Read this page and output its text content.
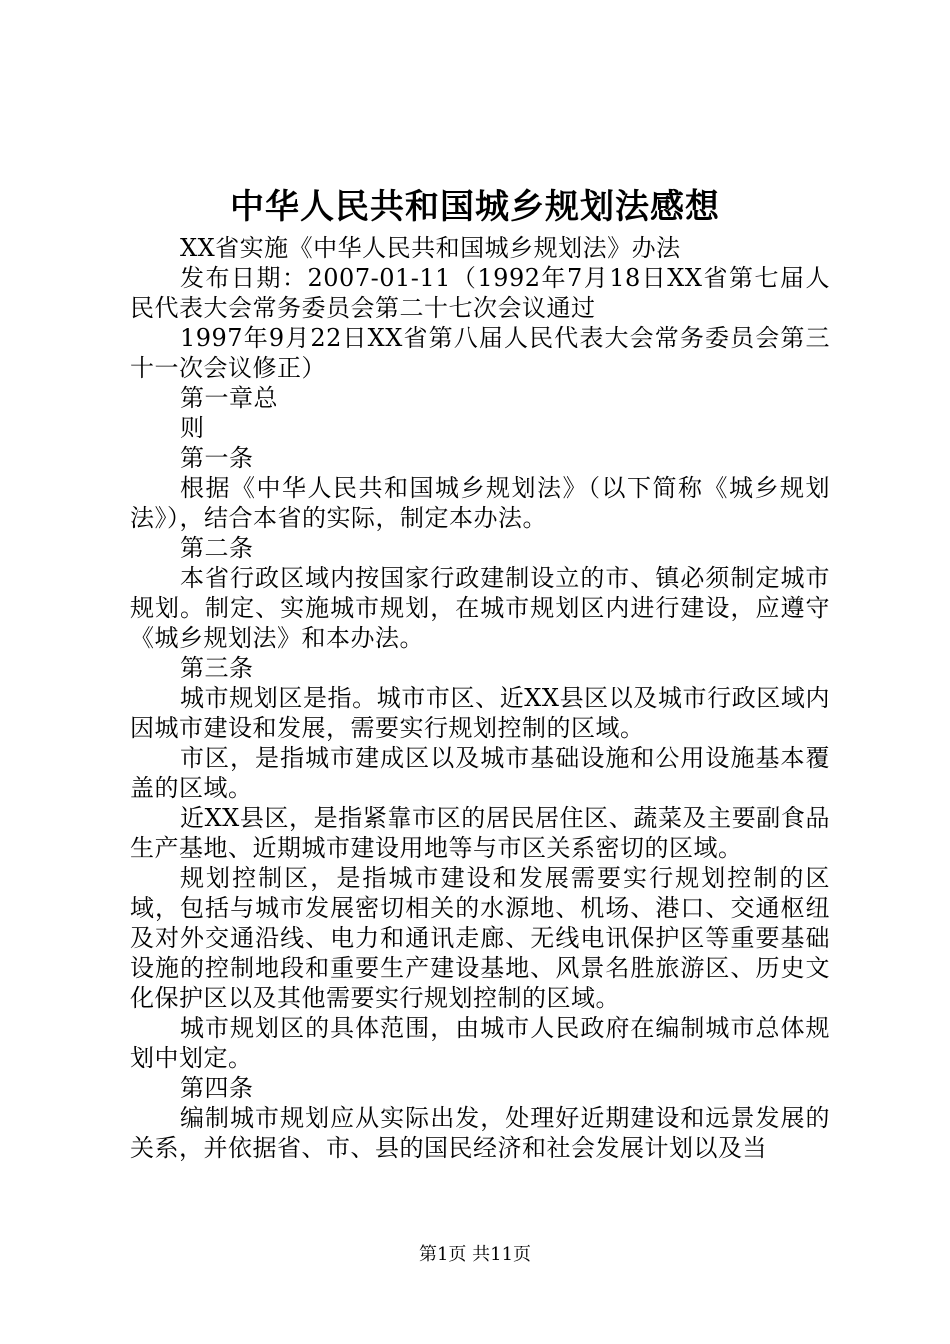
中华人民共和国城乡规划法感想

XX省实施《中华人民共和国城乡规划法》办法

发布日期：2007-01-11（1992年7月18日XX省第七届人民代表大会常务委员会第二十七次会议通过

1997年9月22日XX省第八届人民代表大会常务委员会第三十一次会议修正）

第一章总

则

第一条

根据《中华人民共和国城乡规划法》（以下简称《城乡规划法》），结合本省的实际，制定本办法。

第二条

本省行政区域内按国家行政建制设立的市、镇必须制定城市规划。制定、实施城市规划，在城市规划区内进行建设，应遵守《城乡规划法》和本办法。

第三条

城市规划区是指。城市市区、近XX县区以及城市行政区域内因城市建设和发展，需要实行规划控制的区域。

市区，是指城市建成区以及城市基础设施和公用设施基本覆盖的区域。

近XX县区，是指紧靠市区的居民居住区、蔬菜及主要副食品生产基地、近期城市建设用地等与市区关系密切的区域。

规划控制区，是指城市建设和发展需要实行规划控制的区域，包括与城市发展密切相关的水源地、机场、港口、交通枢纽及对外交通沿线、电力和通讯走廊、无线电讯保护区等重要基础设施的控制地段和重要生产建设基地、风景名胜旅游区、历史文化保护区以及其他需要实行规划控制的区域。

城市规划区的具体范围，由城市人民政府在编制城市总体规划中划定。

第四条

编制城市规划应从实际出发，处理好近期建设和远景发展的关系，并依据省、市、县的国民经济和社会发展计划以及当

第1页 共11页
